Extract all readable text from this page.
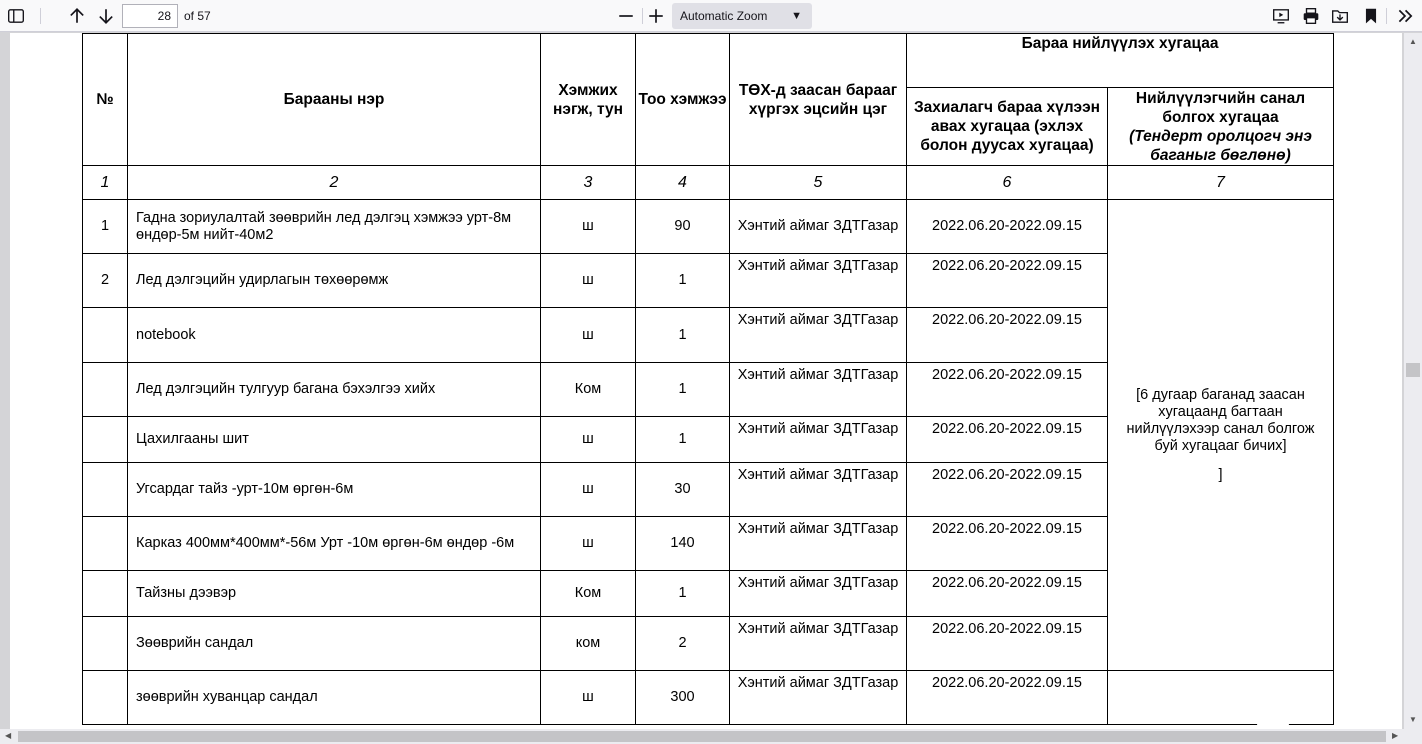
28	of 57	Automatic Zoom ▼
№	Барааны нэр	Хэмжих нэгж, тун	Тоо хэмжээ	ТӨХ-д заасан барааг хүргэх эцсийн цэг	Бараа нийлүүлэх хугацаа	
					Захиалагч бараа хүлээн авах хугацаа (эхлэх болон дуусах хугацаа)	Нийлүүлэгчийн санал болгох хугацаа
(Тендерт оролцогч энэ баганыг бөглөнө)

1	2	3	4	5	6	7
1	Гадна зориулалтай зөөврийн лед дэлгэц хэмжээ урт-8м өндөр-5м нийт-40м2	ш	90	Хэнтий аймаг ЗДТГазар	2022.06.20-2022.09.15	[6 дугаар баганад заасан хугацаанд багтаан нийлүүлэхээр санал болгож буй хугацааг бичих]
]

2	Лед дэлгэцийн удирлагын төхөөрөмж	ш	1	Хэнтий аймаг ЗДТГазар	2022.06.20-2022.09.15	
	notebook	ш	1	Хэнтий аймаг ЗДТГазар	2022.06.20-2022.09.15	
	Лед дэлгэцийн тулгуур багана бэхэлгээ хийх	Ком	1	Хэнтий аймаг ЗДТГазар	2022.06.20-2022.09.15	
	Цахилгааны шит	ш	1	Хэнтий аймаг ЗДТГазар	2022.06.20-2022.09.15	
	Угсардаг тайз -урт-10м өргөн-6м	ш	30	Хэнтий аймаг ЗДТГазар	2022.06.20-2022.09.15	
	Карказ 400мм*400мм*-56м Урт -10м өргөн-6м өндөр -6м	ш	140	Хэнтий аймаг ЗДТГазар	2022.06.20-2022.09.15	
	Тайзны дээвэр	Ком	1	Хэнтий аймаг ЗДТГазар	2022.06.20-2022.09.15	
	Зөөврийн сандал	ком	2	Хэнтий аймаг ЗДТГазар	2022.06.20-2022.09.15	
	зөөврийн хуванцар сандал	ш	300	Хэнтий аймаг ЗДТГазар	2022.06.20-2022.09.15	
▲
▼
◀	▶
